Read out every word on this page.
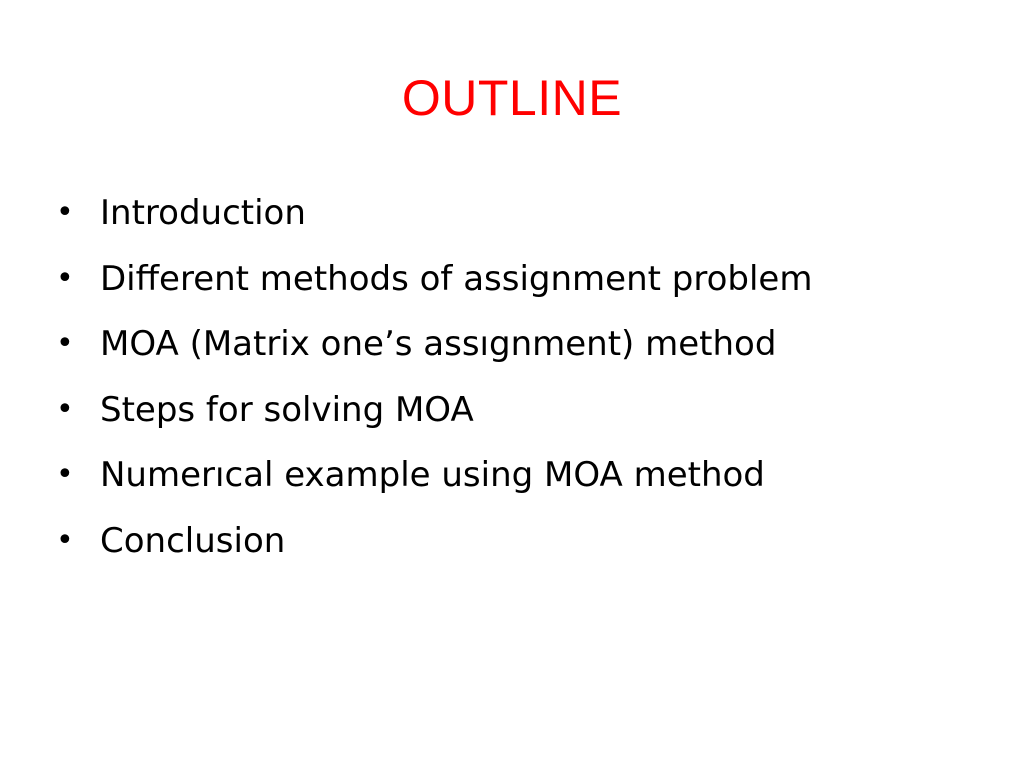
OUTLINE
• Introduction
• Different methods of assignment problem
• MOA (Matrix one’s assıgnment) method
• Steps for solving MOA
• Numerıcal example using MOA method
• Conclusion
